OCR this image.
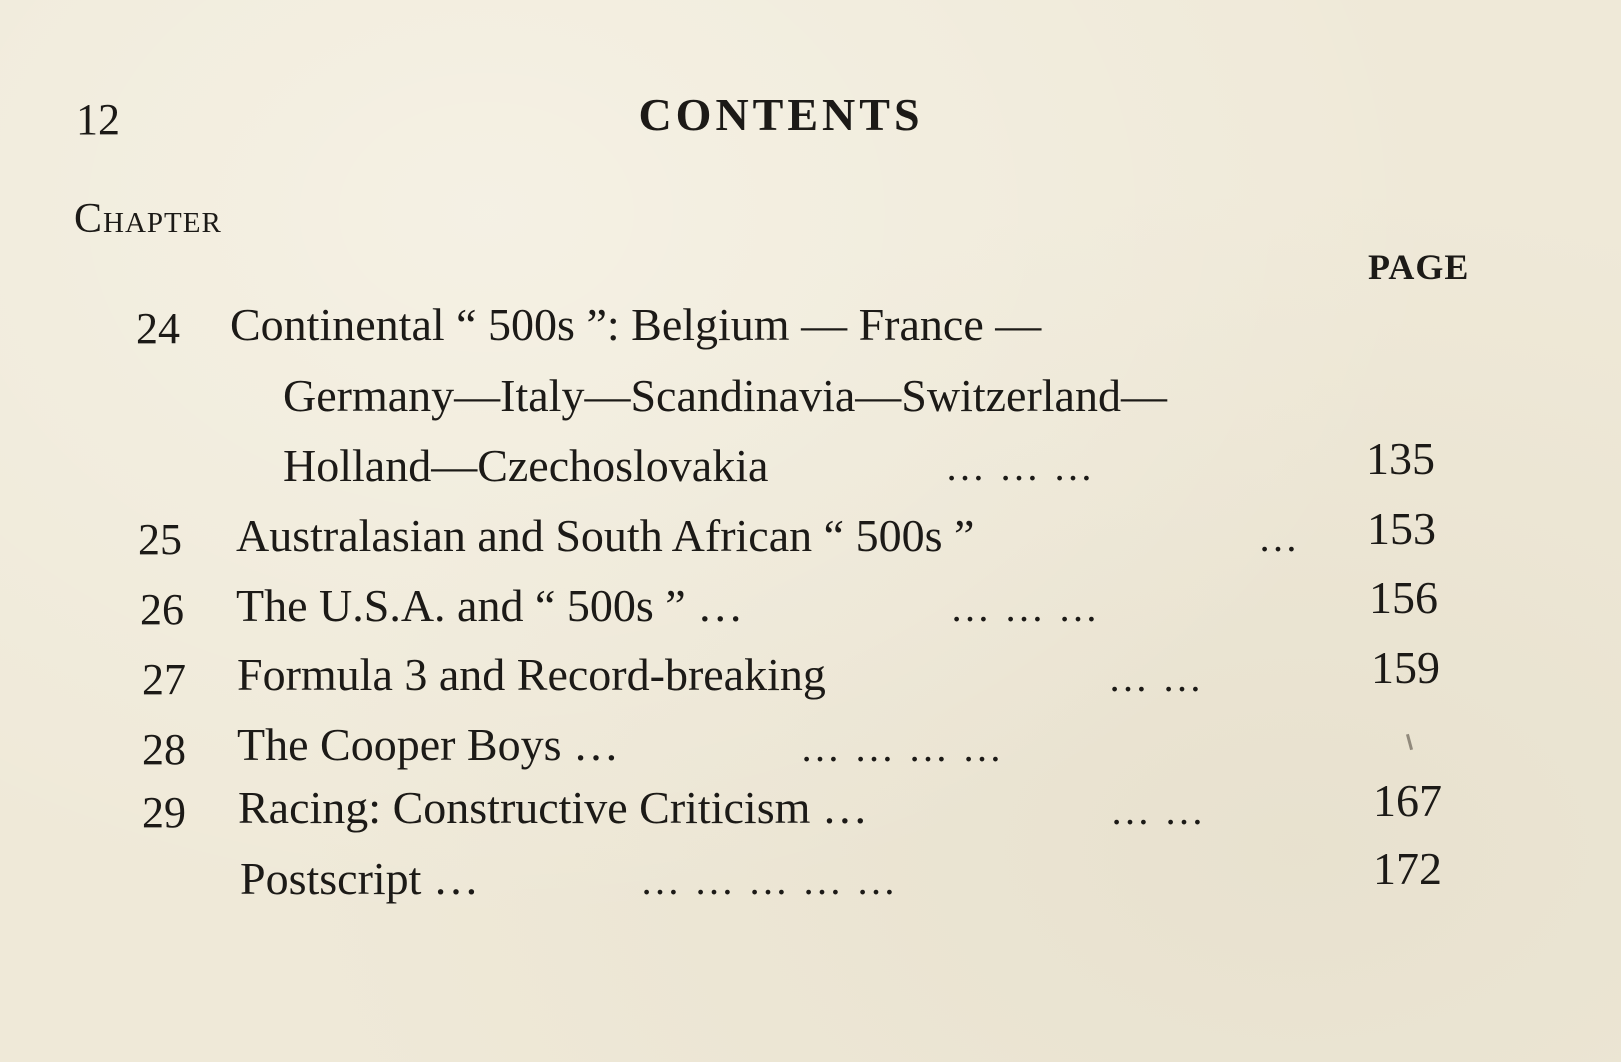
12	CONTENTS
Chapter
PAGE
24 Continental “ 500s ”: Belgium — France —
Germany—Italy—Scandinavia—Switzerland—
Holland—Czechoslovakia	… … …	135
25 Australasian and South African “ 500s ”	…	153
26 The U.S.A. and “ 500s ” …	… … …	156
27 Formula 3 and Record-breaking	… …	159
28 The Cooper Boys …	… … … …
29 Racing: Constructive Criticism …	… …	167
Postscript …	… … … … …	172
